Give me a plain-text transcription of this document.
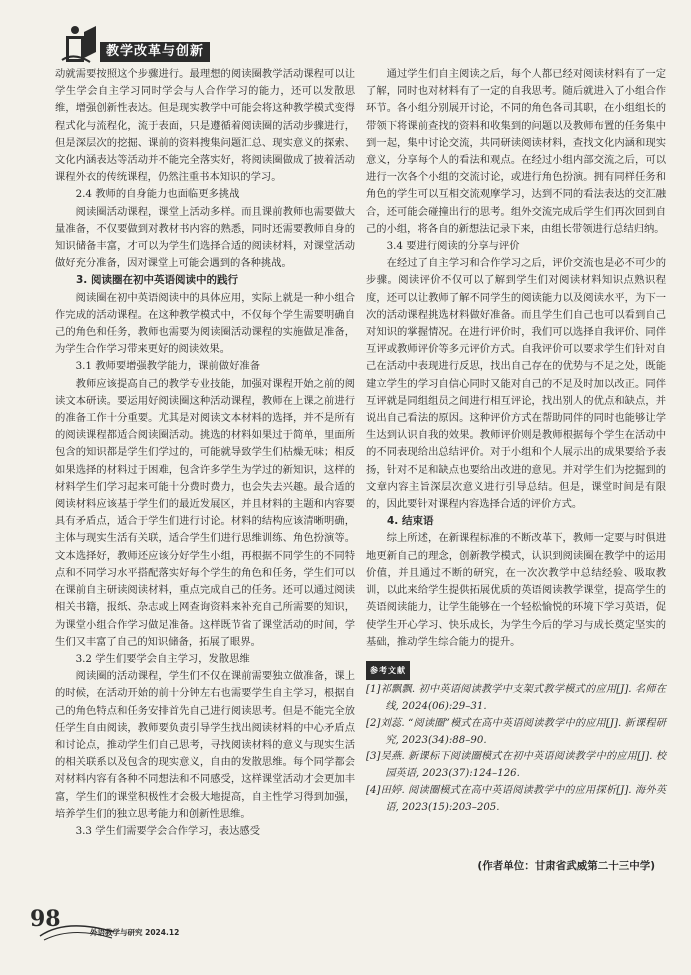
教学改革与创新

动就需要按照这个步骤进行。最理想的阅读圈教学活动课程可以让学生学会自主学习同时学会与人合作学习的能力，还可以发散思维，增强创新性表达。但是现实教学中可能会将这种教学模式变得程式化与流程化，流于表面，只是遵循着阅读圈的活动步骤进行，但是深层次的挖掘、课前的资料搜集问题汇总、现实意义的探索、文化内涵表达等活动并不能完全落实好，将阅读圈做成了披着活动课程外衣的传统课程，仍然注重书本知识的学习。

2.4 教师的自身能力也面临更多挑战

阅读圈活动课程，课堂上活动多样。而且课前教师也需要做大量准备，不仅要做到对教材书内容的熟悉，同时还需要教师自身的知识储备丰富，才可以为学生们选择合适的阅读材料，对课堂活动做好充分准备，因对课堂上可能会遇到的各种挑战。

3. 阅读圈在初中英语阅读中的践行

阅读圈在初中英语阅读中的具体应用，实际上就是一种小组合作完成的活动课程。在这种教学模式中，不仅每个学生需要明确自己的角色和任务，教师也需要为阅读圈活动课程的实施做足准备，为学生合作学习带来更好的阅读效果。

3.1 教师要增强教学能力，课前做好准备

教师应该提高自己的教学专业技能，加强对课程开始之前的阅读文本研读。要运用好阅读圈这种活动课程，教师在上课之前进行的准备工作十分重要。尤其是对阅读文本材料的选择，并不是所有的阅读课程都适合阅读圈活动。挑选的材料如果过于简单，里面所包含的知识都是学生们学过的，可能就导致学生们枯燥无味；相反如果选择的材料过于困难，包含许多学生为学过的新知识，这样的材料学生们学习起来可能十分费时费力，也会失去兴趣。最合适的阅读材料应该基于学生们的最近发展区，并且材料的主题和内容要具有矛盾点，适合于学生们进行讨论。材料的结构应该清晰明确，主体与现实生活有关联，适合学生们进行思维训练、角色扮演等。文本选择好，教师还应该分好学生小组，再根据不同学生的不同特点和不同学习水平搭配落实好每个学生的角色和任务，学生们可以在课前自主研读阅读材料，重点完成自己的任务。还可以通过阅读相关书籍，报纸、杂志或上网查询资料来补充自己所需要的知识，为课堂小组合作学习做足准备。这样既节省了课堂活动的时间，学生们又丰富了自己的知识储备，拓展了眼界。

3.2 学生们要学会自主学习，发散思维

阅读圈的活动课程，学生们不仅在课前需要独立做准备，课上的时候，在活动开始的前十分钟左右也需要学生自主学习，根据自己的角色特点和任务安排首先自己进行阅读思考。但是不能完全放任学生自由阅读，教师要负责引导学生找出阅读材料的中心矛盾点和讨论点，推动学生们自己思考，寻找阅读材料的意义与现实生活的相关联系以及包含的现实意义，自由的发散思维。每个同学都会对材料内容有各种不同想法和不同感受，这样课堂活动才会更加丰富，学生们的课堂积极性才会极大地提高，自主性学习得到加强，培养学生们的独立思考能力和创新性思维。

3.3 学生们需要学会合作学习，表达感受

通过学生们自主阅读之后，每个人都已经对阅读材料有了一定了解，同时也对材料有了一定的自我思考。随后就进入了小组合作环节。各小组分别展开讨论，不同的角色各司其职，在小组组长的带领下将课前查找的资料和收集到的问题以及教师布置的任务集中到一起，集中讨论交流，共同研读阅读材料，查找文化内涵和现实意义，分享每个人的看法和观点。在经过小组内部交流之后，可以进行一次各个小组的交流讨论，或进行角色扮演。拥有同样任务和角色的学生可以互相交流观摩学习，达到不同的看法表达的交汇融合，还可能会碰撞出行的思考。组外交流完成后学生们再次回到自己的小组，将各自的新想法记录下来，由组长带领进行总结归纳。

3.4 要进行阅读的分享与评价

在经过了自主学习和合作学习之后，评价交流也是必不可少的步骤。阅读评价不仅可以了解到学生们对阅读材料知识点熟识程度，还可以让教师了解不同学生的阅读能力以及阅读水平，为下一次的活动课程挑选材料做好准备。而且学生们自己也可以看到自己对知识的掌握情况。在进行评价时，我们可以选择自我评价、同伴互评或教师评价等多元评价方式。自我评价可以要求学生们针对自己在活动中表现进行反思，找出自己存在的优势与不足之处，既能建立学生的学习自信心同时又能对自己的不足及时加以改正。同伴互评就是同组组员之间进行相互评论，找出别人的优点和缺点，并说出自己看法的原因。这种评价方式在帮助同伴的同时也能够让学生达到认识自我的效果。教师评价则是教师根据每个学生在活动中的不同表现给出总结评价。对于小组和个人展示出的成果要给予表扬，针对不足和缺点也要给出改进的意见。并对学生们为挖掘到的文章内容主旨深层次意义进行引导总结。但是，课堂时间是有限的，因此要针对课程内容选择合适的评价方式。

4. 结束语

综上所述，在新课程标准的不断改革下，教师一定要与时俱进地更新自己的理念，创新教学模式，认识到阅读圈在教学中的运用价值，并且通过不断的研究，在一次次教学中总结经验、吸取教训，以此来给学生提供拓展优质的英语阅读教学课堂，提高学生的英语阅读能力，让学生能够在一个轻松愉悦的环境下学习英语，促使学生开心学习、快乐成长，为学生今后的学习与成长奠定坚实的基础，推动学生综合能力的提升。

参考文献
[1]祁飘飘. 初中英语阅读教学中支架式教学模式的应用[J]. 名师在线, 2024(06):29–31.
[2]刘蕊. “阅读圈”模式在高中英语阅读教学中的应用[J]. 新课程研究, 2023(34):88–90.
[3]吴燕. 新课标下阅读圈模式在初中英语阅读教学中的应用[J]. 校园英语, 2023(37):124–126.
[4]田婷. 阅读圈模式在高中英语阅读教学中的应用探析[J]. 海外英语, 2023(15):203–205.
(作者单位：甘肃省武威第二十三中学)
98
外语教学与研究 2024.12
